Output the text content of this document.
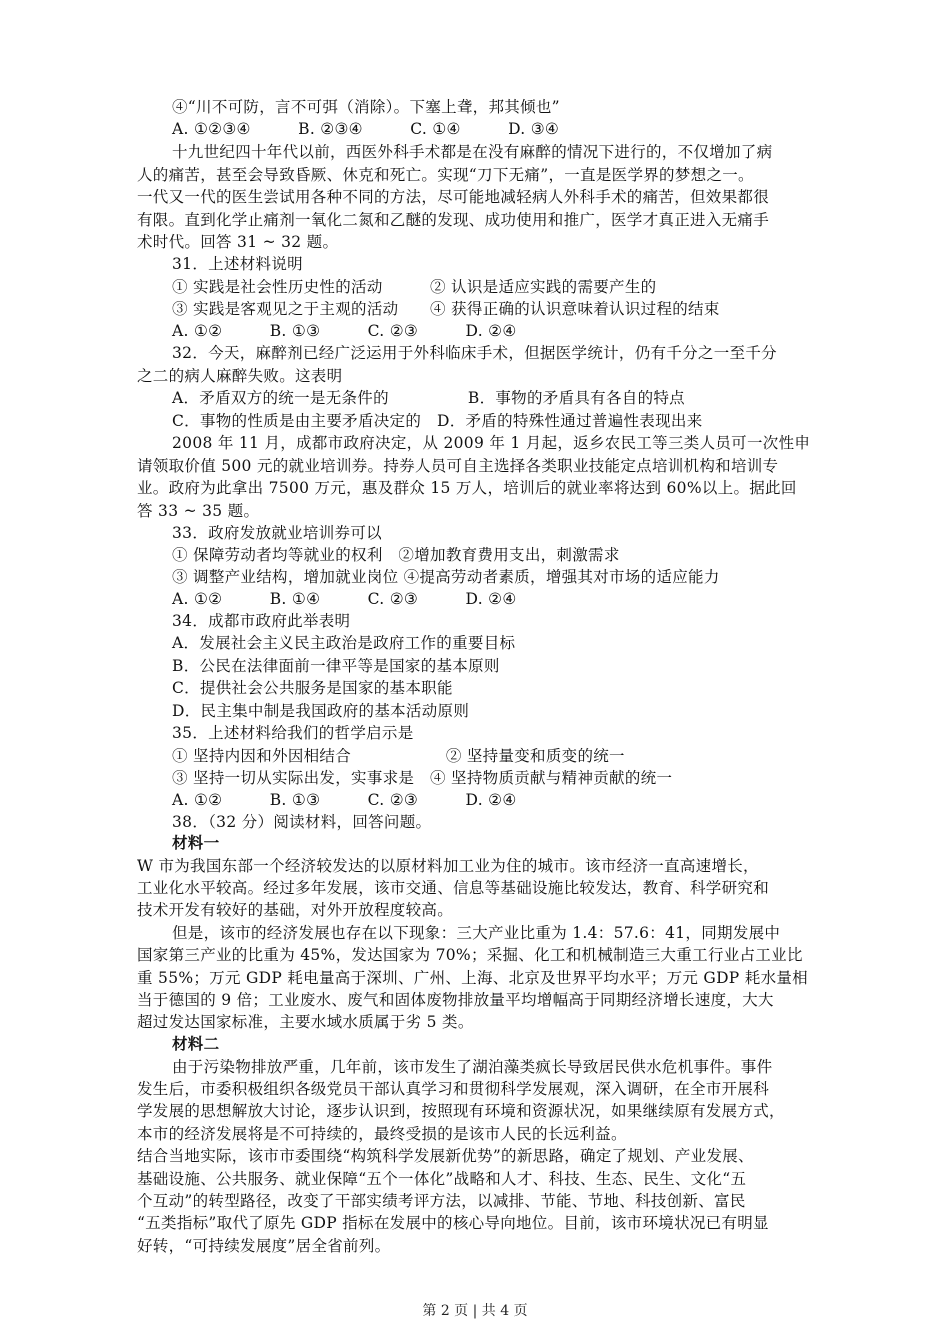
④“川不可防，言不可弭（消除）。下塞上聋，邦其倾也”
A. ①②③④　　　B. ②③④　　　C. ①④　　　D. ③④
十九世纪四十年代以前，西医外科手术都是在没有麻醉的情况下进行的，不仅增加了病
人的痛苦，甚至会导致昏厥、休克和死亡。实现“刀下无痛”，一直是医学界的梦想之一。
一代又一代的医生尝试用各种不同的方法，尽可能地减轻病人外科手术的痛苦，但效果都很
有限。直到化学止痛剂一氧化二氮和乙醚的发现、成功使用和推广，医学才真正进入无痛手
术时代。回答 31 ~ 32 题。
31．上述材料说明
① 实践是社会性历史性的活动　　　② 认识是适应实践的需要产生的
③ 实践是客观见之于主观的活动　　④ 获得正确的认识意味着认识过程的结束
A. ①②　　　B. ①③　　　C. ②③　　　D. ②④
32．今天，麻醉剂已经广泛运用于外科临床手术，但据医学统计，仍有千分之一至千分
之二的病人麻醉失败。这表明
A．矛盾双方的统一是无条件的　　　　　B．事物的矛盾具有各自的特点
C．事物的性质是由主要矛盾决定的　D．矛盾的特殊性通过普遍性表现出来
2008 年 11 月，成都市政府决定，从 2009 年 1 月起，返乡农民工等三类人员可一次性申
请领取价值 500 元的就业培训券。持券人员可自主选择各类职业技能定点培训机构和培训专
业。政府为此拿出 7500 万元，惠及群众 15 万人，培训后的就业率将达到 60%以上。据此回
答 33 ~ 35 题。
33．政府发放就业培训券可以
① 保障劳动者均等就业的权利　②增加教育费用支出，刺激需求
③ 调整产业结构，增加就业岗位 ④提高劳动者素质，增强其对市场的适应能力
A. ①②　　　B. ①④　　　C. ②③　　　D. ②④
34．成都市政府此举表明
A．发展社会主义民主政治是政府工作的重要目标
B．公民在法律面前一律平等是国家的基本原则
C．提供社会公共服务是国家的基本职能
D．民主集中制是我国政府的基本活动原则
35．上述材料给我们的哲学启示是
① 坚持内因和外因相结合　　　　　　② 坚持量变和质变的统一
③ 坚持一切从实际出发，实事求是　④ 坚持物质贡献与精神贡献的统一
A. ①②　　　B. ①③　　　C. ②③　　　D. ②④
38．（32 分）阅读材料，回答问题。
材料一
W 市为我国东部一个经济较发达的以原材料加工业为住的城市。该市经济一直高速增长，
工业化水平较高。经过多年发展，该市交通、信息等基础设施比较发达，教育、科学研究和
技术开发有较好的基础，对外开放程度较高。
但是，该市的经济发展也存在以下现象：三大产业比重为 1.4：57.6：41，同期发展中
国家第三产业的比重为 45%，发达国家为 70%；采掘、化工和机械制造三大重工行业占工业比
重 55%；万元 GDP 耗电量高于深圳、广州、上海、北京及世界平均水平；万元 GDP 耗水量相
当于德国的 9 倍；工业废水、废气和固体废物排放量平均增幅高于同期经济增长速度，大大
超过发达国家标准，主要水域水质属于劣 5 类。
材料二
由于污染物排放严重，几年前，该市发生了湖泊藻类疯长导致居民供水危机事件。事件
发生后，市委积极组织各级党员干部认真学习和贯彻科学发展观，深入调研，在全市开展科
学发展的思想解放大讨论，逐步认识到，按照现有环境和资源状况，如果继续原有发展方式，
本市的经济发展将是不可持续的，最终受损的是该市人民的长远利益。
结合当地实际，该市市委围绕“构筑科学发展新优势”的新思路，确定了规划、产业发展、
基础设施、公共服务、就业保障“五个一体化”战略和人才、科技、生态、民生、文化“五
个互动”的转型路径，改变了干部实绩考评方法，以减排、节能、节地、科技创新、富民
“五类指标”取代了原先 GDP 指标在发展中的核心导向地位。目前，该市环境状况已有明显
好转，“可持续发展度”居全省前列。
第 2 页 | 共 4 页
